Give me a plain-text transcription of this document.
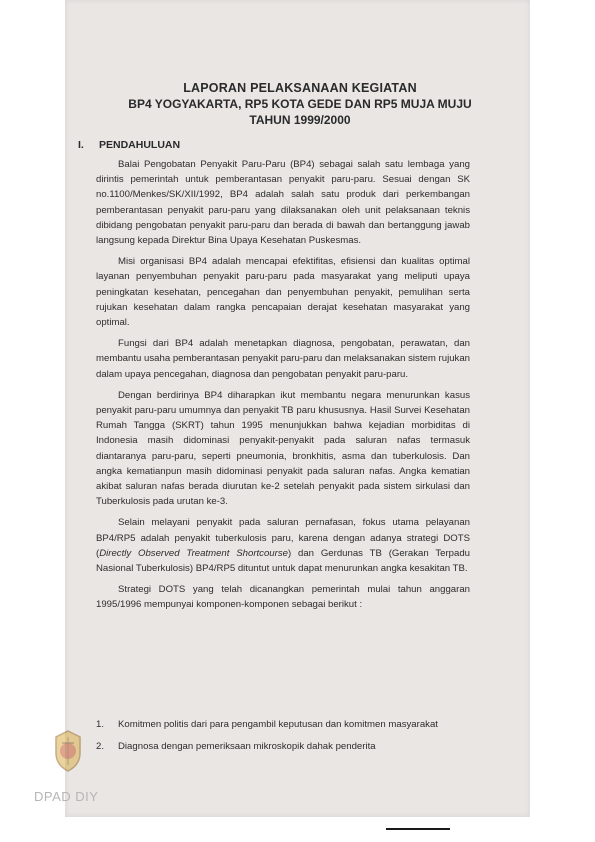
LAPORAN PELAKSANAAN KEGIATAN
BP4 YOGYAKARTA, RP5 KOTA GEDE DAN RP5 MUJA MUJU
TAHUN 1999/2000
I. PENDAHULUAN

Balai Pengobatan Penyakit Paru-Paru (BP4) sebagai salah satu lembaga yang dirintis pemerintah untuk pemberantasan penyakit paru-paru. Sesuai dengan SK no.1100/Menkes/SK/XII/1992, BP4 adalah salah satu produk dari perkembangan pemberantasan penyakit paru-paru yang dilaksanakan oleh unit pelaksanaan teknis dibidang pengobatan penyakit paru-paru dan berada di bawah dan bertanggung jawab langsung kepada Direktur Bina Upaya Kesehatan Puskesmas.

Misi organisasi BP4 adalah mencapai efektifitas, efisiensi dan kualitas optimal layanan penyembuhan penyakit paru-paru pada masyarakat yang meliputi upaya peningkatan kesehatan, pencegahan dan penyembuhan penyakit, pemulihan serta rujukan kesehatan dalam rangka pencapaian derajat kesehatan masyarakat yang optimal.

Fungsi dari BP4 adalah menetapkan diagnosa, pengobatan, perawatan, dan membantu usaha pemberantasan penyakit paru-paru dan melaksanakan sistem rujukan dalam upaya pencegahan, diagnosa dan pengobatan penyakit paru-paru.

Dengan berdirinya BP4 diharapkan ikut membantu negara menurunkan kasus penyakit paru-paru umumnya dan penyakit TB paru khususnya. Hasil Survei Kesehatan Rumah Tangga (SKRT) tahun 1995 menunjukkan bahwa kejadian morbiditas di Indonesia masih didominasi penyakit-penyakit pada saluran nafas termasuk diantaranya paru-paru, seperti pneumonia, bronkhitis, asma dan tuberkulosis. Dan angka kematianpun masih didominasi penyakit pada saluran nafas. Angka kematian akibat saluran nafas berada diurutan ke-2 setelah penyakit pada sistem sirkulasi dan Tuberkulosis pada urutan ke-3.

Selain melayani penyakit pada saluran pernafasan, fokus utama pelayanan BP4/RP5 adalah penyakit tuberkulosis paru, karena dengan adanya strategi DOTS (Directly Observed Treatment Shortcourse) dan Gerdunas TB (Gerakan Terpadu Nasional Tuberkulosis) BP4/RP5 dituntut untuk dapat menurunkan angka kesakitan TB.

Strategi DOTS yang telah dicanangkan pemerintah mulai tahun anggaran 1995/1996 mempunyai komponen-komponen sebagai berikut :

1.	Komitmen politis dari para pengambil keputusan dan komitmen masyarakat
2.	Diagnosa dengan pemeriksaan mikroskopik dahak penderita
DPAD DIY
